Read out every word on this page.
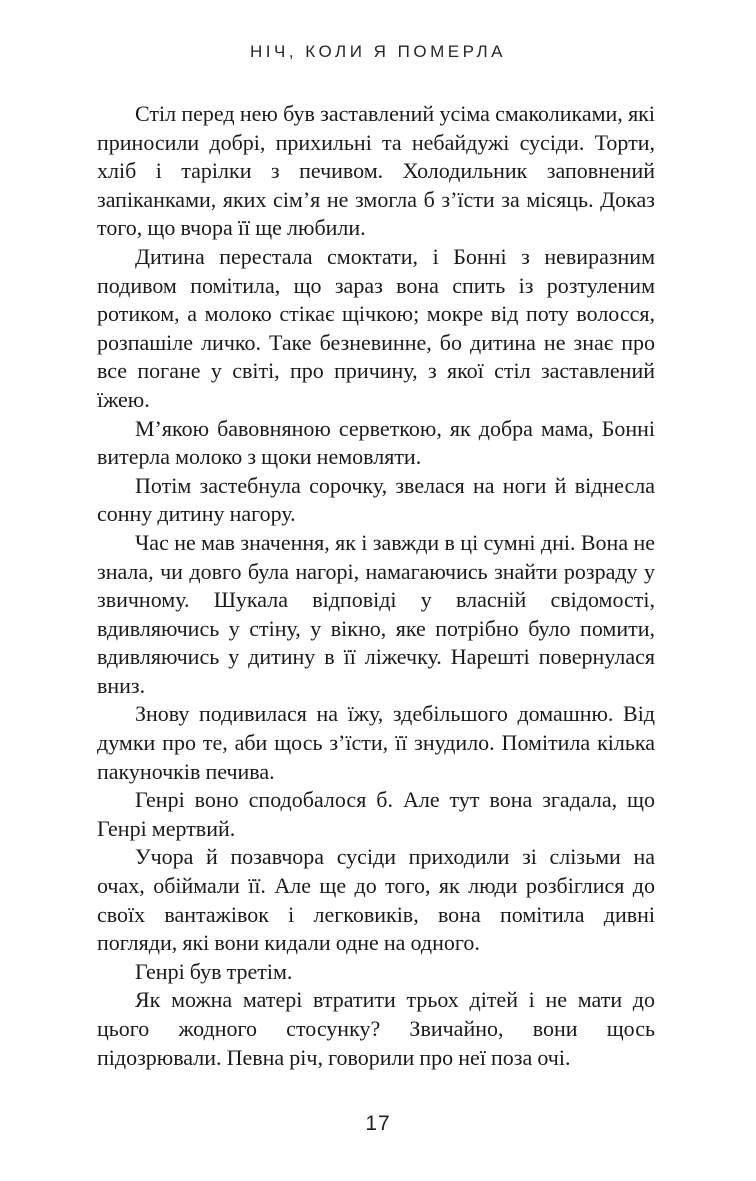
НІЧ, КОЛИ Я ПОМЕРЛА

Стіл перед нею був заставлений усіма смаколиками, які приносили добрі, прихильні та небайдужі сусіди. Торти, хліб і тарілки з печивом. Холодильник заповнений запіканками, яких сім’я не змогла б з’їсти за місяць. Доказ того, що вчора її ще любили.

Дитина перестала смоктати, і Бонні з невиразним подивом помітила, що зараз вона спить із розтуленим ротиком, а молоко стікає щічкою; мокре від поту волосся, розпашіле личко. Таке безневинне, бо дитина не знає про все погане у світі, про причину, з якої стіл заставлений їжею.

М’якою бавовняною серветкою, як добра мама, Бонні витерла молоко з щоки немовляти.

Потім застебнула сорочку, звелася на ноги й віднесла сонну дитину нагору.

Час не мав значення, як і завжди в ці сумні дні. Вона не знала, чи довго була нагорі, намагаючись знайти розраду у звичному. Шукала відповіді у власній свідомості, вдивляючись у стіну, у вікно, яке потрібно було помити, вдивляючись у дитину в її ліжечку. Нарешті повернулася вниз.

Знову подивилася на їжу, здебільшого домашню. Від думки про те, аби щось з’їсти, її знудило. Помітила кілька пакуночків печива.

Генрі воно сподобалося б. Але тут вона згадала, що Генрі мертвий.

Учора й позавчора сусіди приходили зі слізьми на очах, обіймали її. Але ще до того, як люди розбіглися до своїх вантажівок і легковиків, вона помітила дивні погляди, які вони кидали одне на одного.

Генрі був третім.

Як можна матері втратити трьох дітей і не мати до цього жодного стосунку? Звичайно, вони щось підозрювали. Певна річ, говорили про неї поза очі.

17
